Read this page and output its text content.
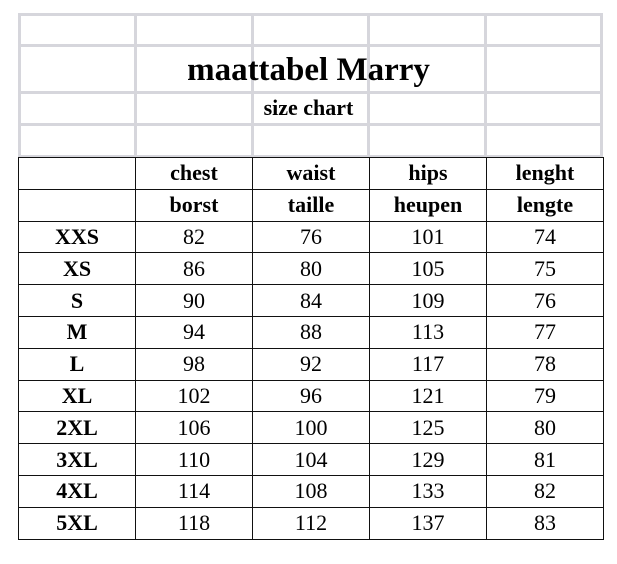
maattabel Marry
size chart
	chest	waist	hips	lenght
	borst	taille	heupen	lengte
XXS	82	76	101	74
XS	86	80	105	75
S	90	84	109	76
M	94	88	113	77
L	98	92	117	78
XL	102	96	121	79
2XL	106	100	125	80
3XL	110	104	129	81
4XL	114	108	133	82
5XL	118	112	137	83
